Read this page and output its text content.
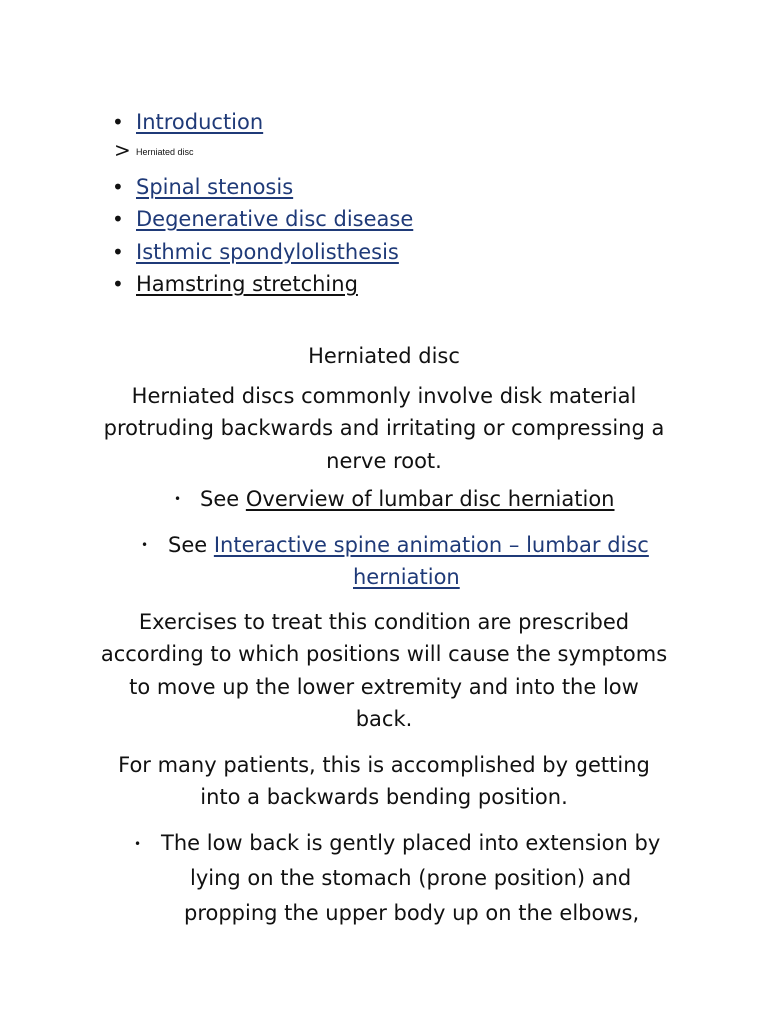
• Introduction
> Herniated disc
• Spinal stenosis
• Degenerative disc disease
• Isthmic spondylolisthesis
• Hamstring stretching
Herniated disc
Herniated discs commonly involve disk material protruding backwards and irritating or compressing a nerve root.
• See Overview of lumbar disc herniation
• See Interactive spine animation – lumbar disc
herniation
Exercises to treat this condition are prescribed according to which positions will cause the symptoms to move up the lower extremity and into the low back.
For many patients, this is accomplished by getting into a backwards bending position.
• The low back is gently placed into extension by
lying on the stomach (prone position) and
propping the upper body up on the elbows,
